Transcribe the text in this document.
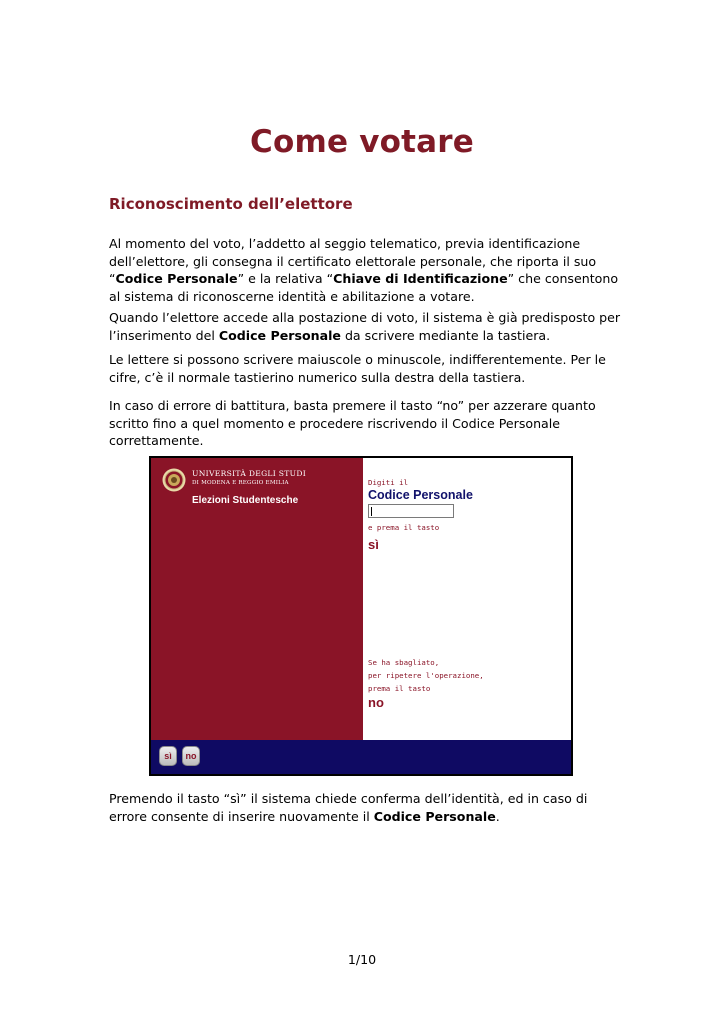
Come votare
Riconoscimento dell’elettore

Al momento del voto, l’addetto al seggio telematico, previa identificazione dell’elettore, gli consegna il certificato elettorale personale, che riporta il suo “Codice Personale” e la relativa “Chiave di Identificazione” che consentono al sistema di riconoscerne identità e abilitazione a votare.

Quando l’elettore accede alla postazione di voto, il sistema è già predisposto per l’inserimento del Codice Personale da scrivere mediante la tastiera.

Le lettere si possono scrivere maiuscole o minuscole, indifferentemente. Per le cifre, c’è il normale tastierino numerico sulla destra della tastiera.

In caso di errore di battitura, basta premere il tasto “no” per azzerare quanto scritto fino a quel momento e procedere riscrivendo il Codice Personale correttamente.

UNIVERSITÀ DEGLI STUDI
DI MODENA E REGGIO EMILIA
Elezioni Studentesche
Digiti il
Codice Personale
e prema il tasto
sì
Se ha sbagliato,
per ripetere l'operazione,
prema il tasto
no
sì	no

Premendo il tasto “sì” il sistema chiede conferma dell’identità, ed in caso di errore consente di inserire nuovamente il Codice Personale.

1/10
